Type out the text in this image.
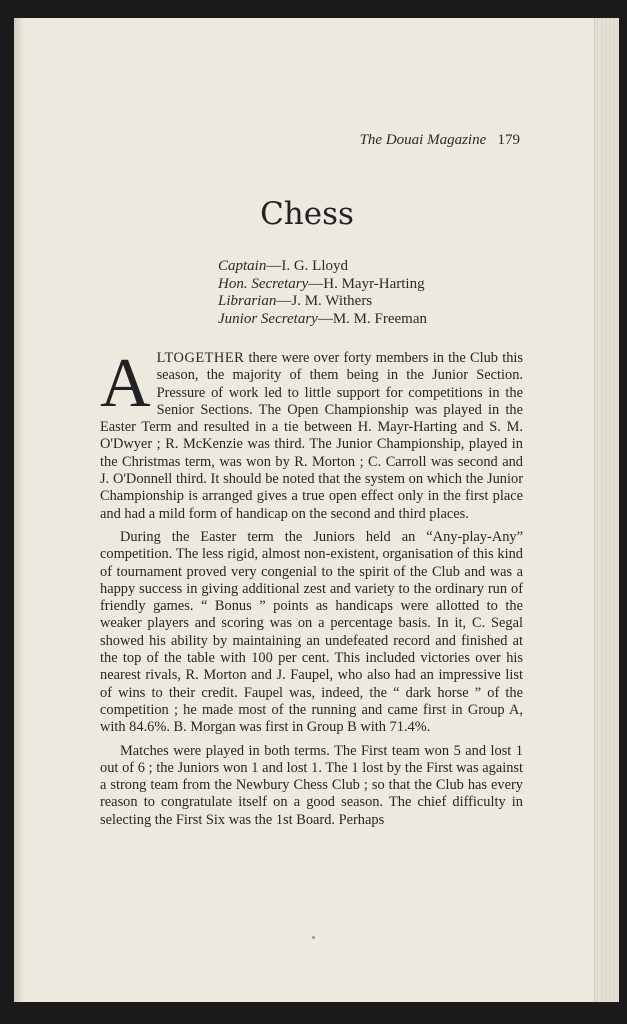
The Douai Magazine 179
Chess
Captain—I. G. Lloyd
Hon. Secretary—H. Mayr-Harting
Librarian—J. M. Withers
Junior Secretary—M. M. Freeman

ALTOGETHER there were over forty members in the Club this season, the majority of them being in the Junior Section. Pressure of work led to little support for competitions in the Senior Sections. The Open Championship was played in the Easter Term and resulted in a tie between H. Mayr-Harting and S. M. O'Dwyer ; R. McKenzie was third. The Junior Championship, played in the Christmas term, was won by R. Morton ; C. Carroll was second and J. O'Donnell third. It should be noted that the system on which the Junior Championship is arranged gives a true open effect only in the first place and had a mild form of handicap on the second and third places.

During the Easter term the Juniors held an “Any-play-Any” competition. The less rigid, almost non-existent, organisation of this kind of tournament proved very congenial to the spirit of the Club and was a happy success in giving additional zest and variety to the ordinary run of friendly games. “ Bonus ” points as handicaps were allotted to the weaker players and scoring was on a percentage basis. In it, C. Segal showed his ability by maintaining an undefeated record and finished at the top of the table with 100 per cent. This included victories over his nearest rivals, R. Morton and J. Faupel, who also had an impressive list of wins to their credit. Faupel was, indeed, the “ dark horse ” of the competition ; he made most of the running and came first in Group A, with 84.6%. B. Morgan was first in Group B with 71.4%.

Matches were played in both terms. The First team won 5 and lost 1 out of 6 ; the Juniors won 1 and lost 1. The 1 lost by the First was against a strong team from the Newbury Chess Club ; so that the Club has every reason to congratulate itself on a good season. The chief difficulty in selecting the First Six was the 1st Board. Perhaps
